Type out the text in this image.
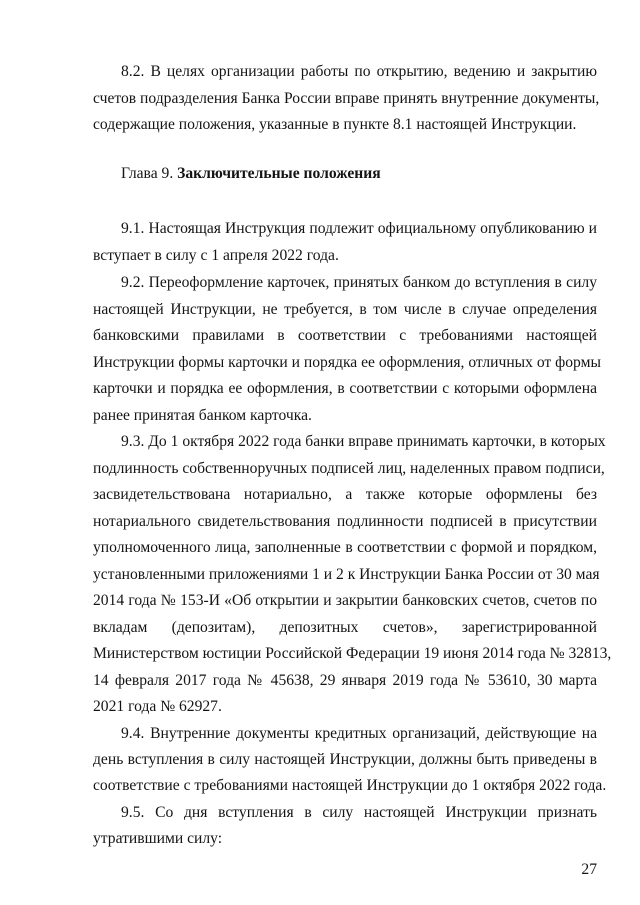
8.2. В целях организации работы по открытию, ведению и закрытию
счетов подразделения Банка России вправе принять внутренние документы,
содержащие положения, указанные в пункте 8.1 настоящей Инструкции.
Глава 9. Заключительные положения
9.1. Настоящая Инструкция подлежит официальному опубликованию и
вступает в силу с 1 апреля 2022 года.
9.2. Переоформление карточек, принятых банком до вступления в силу
настоящей Инструкции, не требуется, в том числе в случае определения
банковскими правилами в соответствии с требованиями настоящей
Инструкции формы карточки и порядка ее оформления, отличных от формы
карточки и порядка ее оформления, в соответствии с которыми оформлена
ранее принятая банком карточка.
9.3. До 1 октября 2022 года банки вправе принимать карточки, в которых
подлинность собственноручных подписей лиц, наделенных правом подписи,
засвидетельствована нотариально, а также которые оформлены без
нотариального свидетельствования подлинности подписей в присутствии
уполномоченного лица, заполненные в соответствии с формой и порядком,
установленными приложениями 1 и 2 к Инструкции Банка России от 30 мая
2014 года № 153-И «Об открытии и закрытии банковских счетов, счетов по
вкладам (депозитам), депозитных счетов», зарегистрированной
Министерством юстиции Российской Федерации 19 июня 2014 года № 32813,
14 февраля 2017 года № 45638, 29 января 2019 года № 53610, 30 марта
2021 года № 62927.
9.4. Внутренние документы кредитных организаций, действующие на
день вступления в силу настоящей Инструкции, должны быть приведены в
соответствие с требованиями настоящей Инструкции до 1 октября 2022 года.
9.5. Со дня вступления в силу настоящей Инструкции признать
утратившими силу:
27
